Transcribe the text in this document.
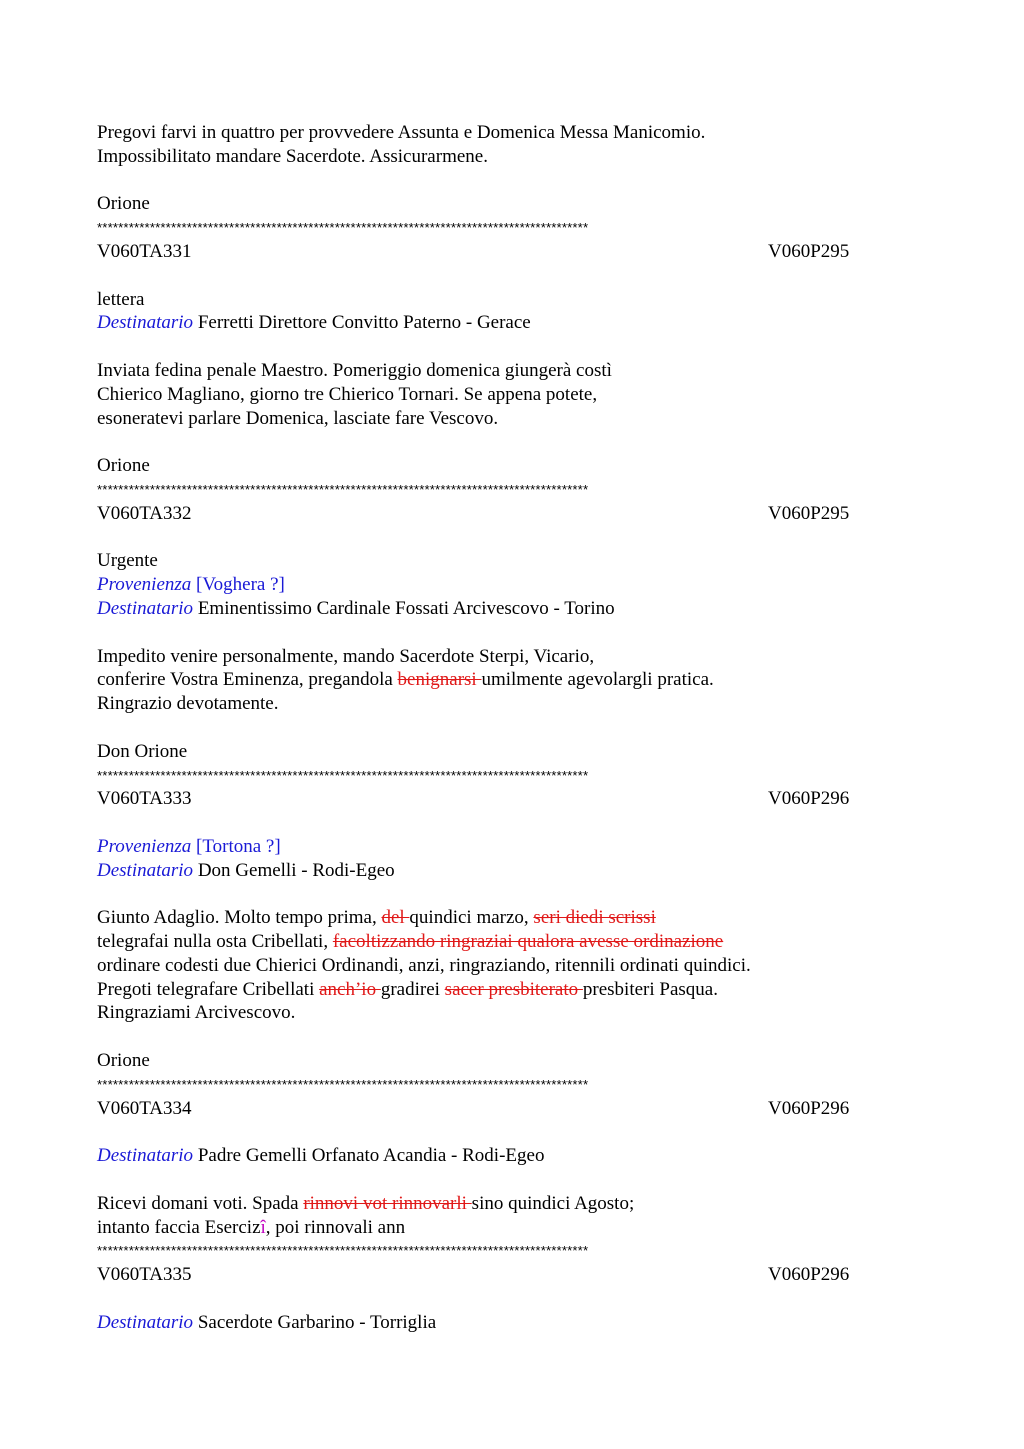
Pregovi farvi in quattro per provvedere Assunta e Domenica Messa Manicomio.
Impossibilitato mandare Sacerdote. Assicurarmene.
Orione
*********************************************************************************************
V060TA331	V060P295
lettera
Destinatario Ferretti Direttore Convitto Paterno - Gerace
Inviata fedina penale Maestro. Pomeriggio domenica giungerà costì
Chierico Magliano, giorno tre Chierico Tornari. Se appena potete,
esoneratevi parlare Domenica, lasciate fare Vescovo.
Orione
*********************************************************************************************
V060TA332	V060P295
Urgente
Provenienza [Voghera ?]
Destinatario Eminentissimo Cardinale Fossati Arcivescovo - Torino
Impedito venire personalmente, mando Sacerdote Sterpi, Vicario,
conferire Vostra Eminenza, pregandola benignarsi umilmente agevolargli pratica.
Ringrazio devotamente.
Don Orione
*********************************************************************************************
V060TA333	V060P296
Provenienza [Tortona ?]
Destinatario Don Gemelli - Rodi-Egeo
Giunto Adaglio. Molto tempo prima, del quindici marzo, seri diedi scrissi
telegrafai nulla osta Cribellati, facoltizzando ringraziai qualora avesse ordinazione
ordinare codesti due Chierici Ordinandi, anzi, ringraziando, ritennili ordinati quindici.
Pregoti telegrafare Cribellati anch’io gradirei sacer presbiterato presbiteri Pasqua.
Ringraziami Arcivescovo.
Orione
*********************************************************************************************
V060TA334	V060P296
Destinatario Padre Gemelli Orfanato Acandia - Rodi-Egeo
Ricevi domani voti. Spada rinnovi vot rinnovarli sino quindici Agosto;
intanto faccia Esercizî, poi rinnovali ann
*********************************************************************************************
V060TA335	V060P296
Destinatario Sacerdote Garbarino - Torriglia
